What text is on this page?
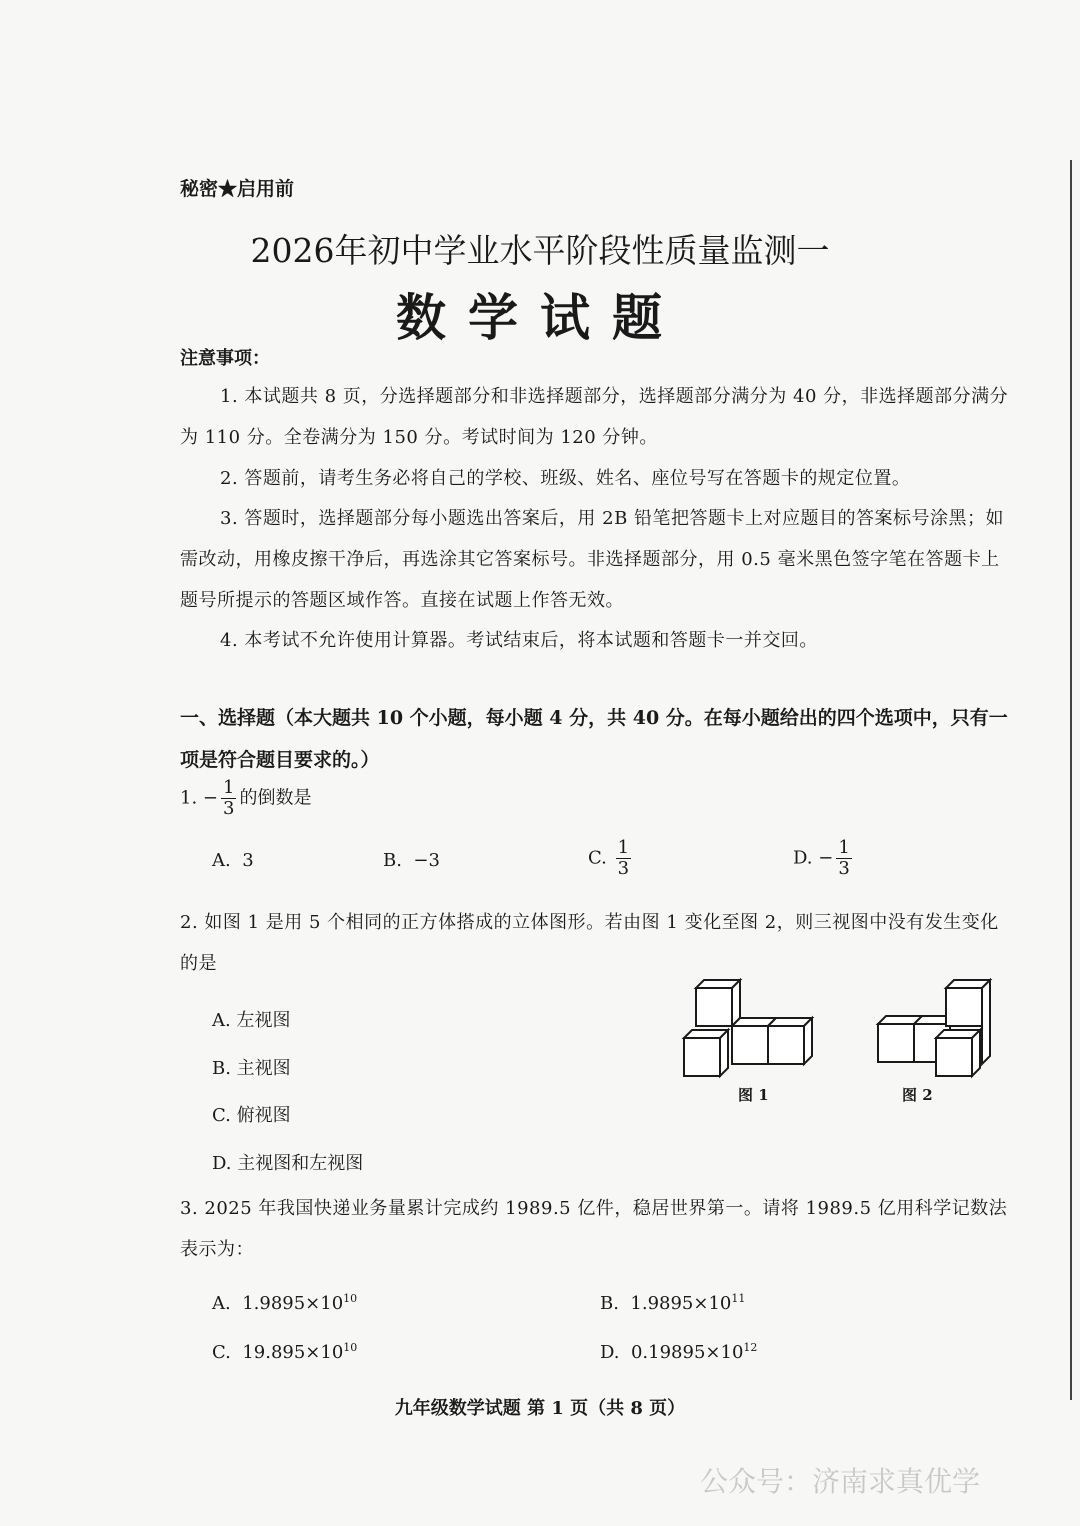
秘密★启用前
2026年初中学业水平阶段性质量监测一
数学试题
注意事项：
1. 本试题共 8 页，分选择题部分和非选择题部分，选择题部分满分为 40 分，非选择题部分满分为 110 分。全卷满分为 150 分。考试时间为 120 分钟。
2. 答题前，请考生务必将自己的学校、班级、姓名、座位号写在答题卡的规定位置。
3. 答题时，选择题部分每小题选出答案后，用 2B 铅笔把答题卡上对应题目的答案标号涂黑；如需改动，用橡皮擦干净后，再选涂其它答案标号。非选择题部分，用 0.5 毫米黑色签字笔在答题卡上题号所提示的答题区域作答。直接在试题上作答无效。
4. 本考试不允许使用计算器。考试结束后，将本试题和答题卡一并交回。
一、选择题（本大题共 10 个小题，每小题 4 分，共 40 分。在每小题给出的四个选项中，只有一项是符合题目要求的。）
1. − $\frac{1}{3}$ 的倒数是
A. 3	B. −3	C. $\frac{1}{3}$	D. − $\frac{1}{3}$
2. 如图 1 是用 5 个相同的正方体搭成的立体图形。若由图 1 变化至图 2，则三视图中没有发生变化的是
A. 左视图
B. 主视图
C. 俯视图
D. 主视图和左视图
图 1	图 2
3. 2025 年我国快递业务量累计完成约 1989.5 亿件，稳居世界第一。请将 1989.5 亿用科学记数法表示为：
A. $1.9895\times 10^{10}$	B. $1.9895\times 10^{11}$
C. $19.895\times 10^{10}$	D. $0.19895\times 10^{12}$
九年级数学试题 第 1 页（共 8 页）
公众号：济南求真优学
